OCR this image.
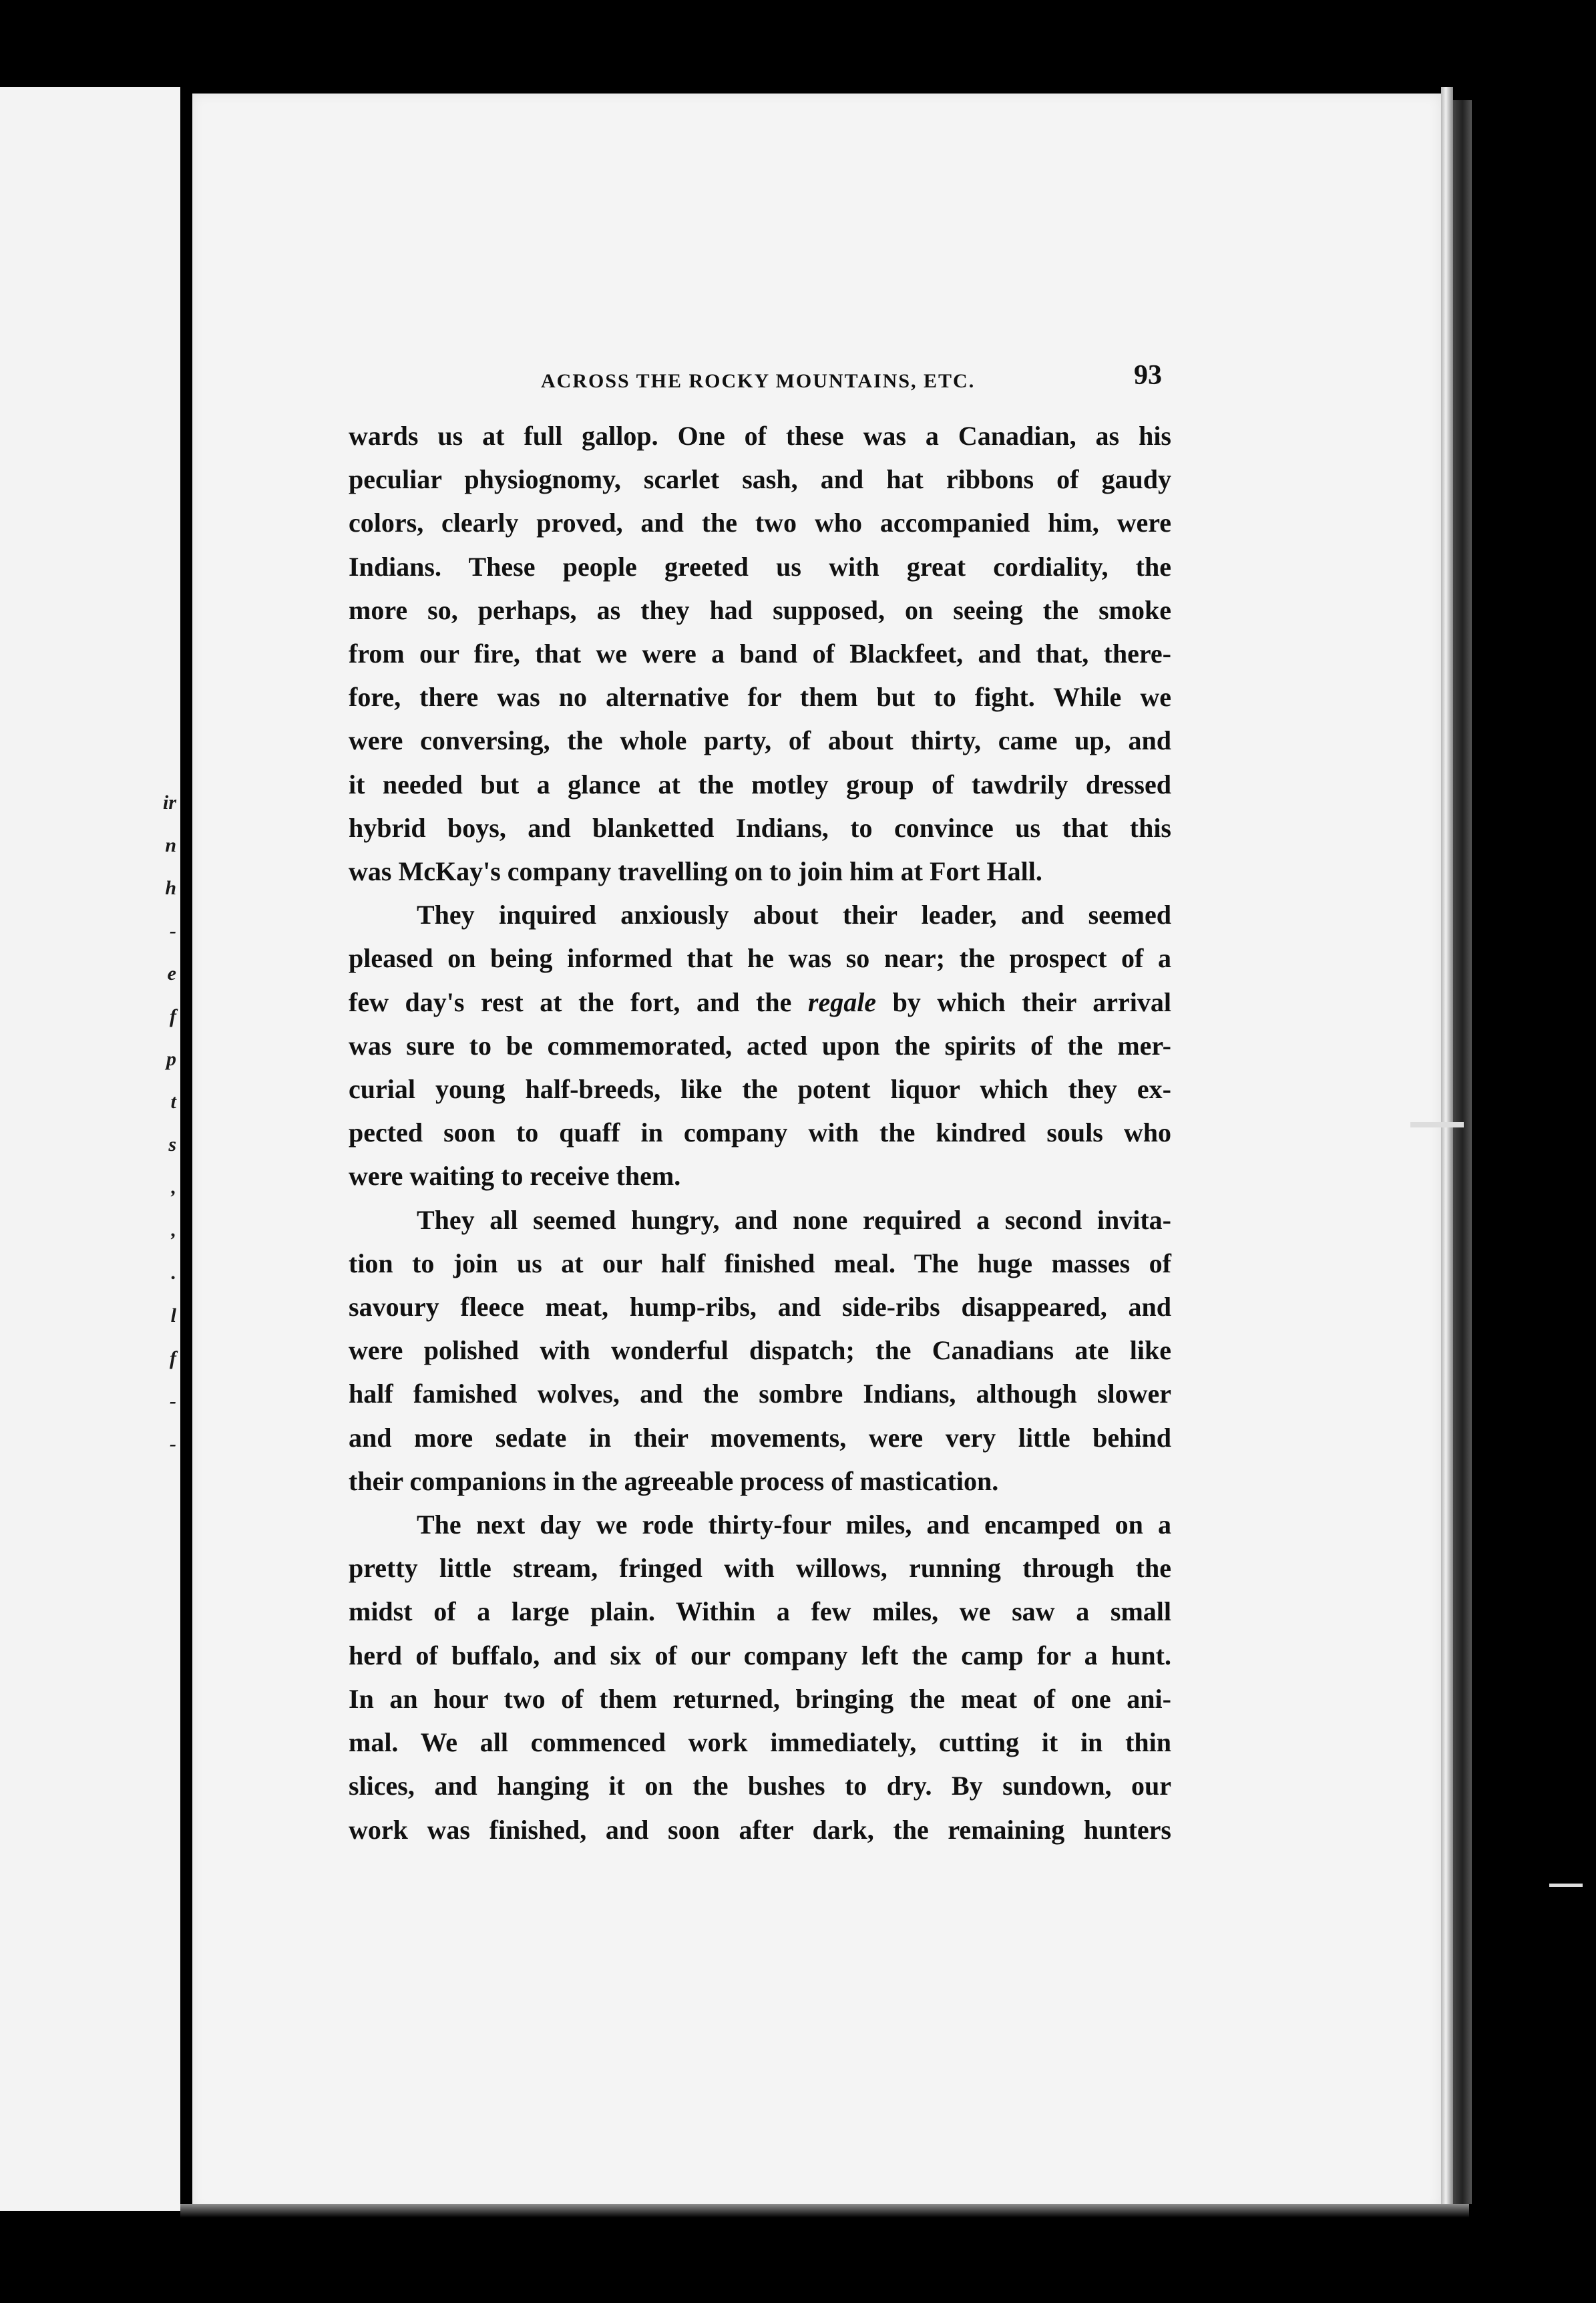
ir
n
h
-
e
f
p
t
s
,
,
.
l
f
-
-
ACROSS THE ROCKY MOUNTAINS, ETC.	93
wards us at full gallop. One of these was a Canadian, as his
peculiar physiognomy, scarlet sash, and hat ribbons of gaudy
colors, clearly proved, and the two who accompanied him, were
Indians. These people greeted us with great cordiality, the
more so, perhaps, as they had supposed, on seeing the smoke
from our fire, that we were a band of Blackfeet, and that, there-
fore, there was no alternative for them but to fight. While we
were conversing, the whole party, of about thirty, came up, and
it needed but a glance at the motley group of tawdrily dressed
hybrid boys, and blanketted Indians, to convince us that this
was McKay's company travelling on to join him at Fort Hall.
They inquired anxiously about their leader, and seemed
pleased on being informed that he was so near; the prospect of a
few day's rest at the fort, and the regale by which their arrival
was sure to be commemorated, acted upon the spirits of the mer-
curial young half-breeds, like the potent liquor which they ex-
pected soon to quaff in company with the kindred souls who
were waiting to receive them.
They all seemed hungry, and none required a second invita-
tion to join us at our half finished meal. The huge masses of
savoury fleece meat, hump-ribs, and side-ribs disappeared, and
were polished with wonderful dispatch; the Canadians ate like
half famished wolves, and the sombre Indians, although slower
and more sedate in their movements, were very little behind
their companions in the agreeable process of mastication.
The next day we rode thirty-four miles, and encamped on a
pretty little stream, fringed with willows, running through the
midst of a large plain. Within a few miles, we saw a small
herd of buffalo, and six of our company left the camp for a hunt.
In an hour two of them returned, bringing the meat of one ani-
mal. We all commenced work immediately, cutting it in thin
slices, and hanging it on the bushes to dry. By sundown, our
work was finished, and soon after dark, the remaining hunters
